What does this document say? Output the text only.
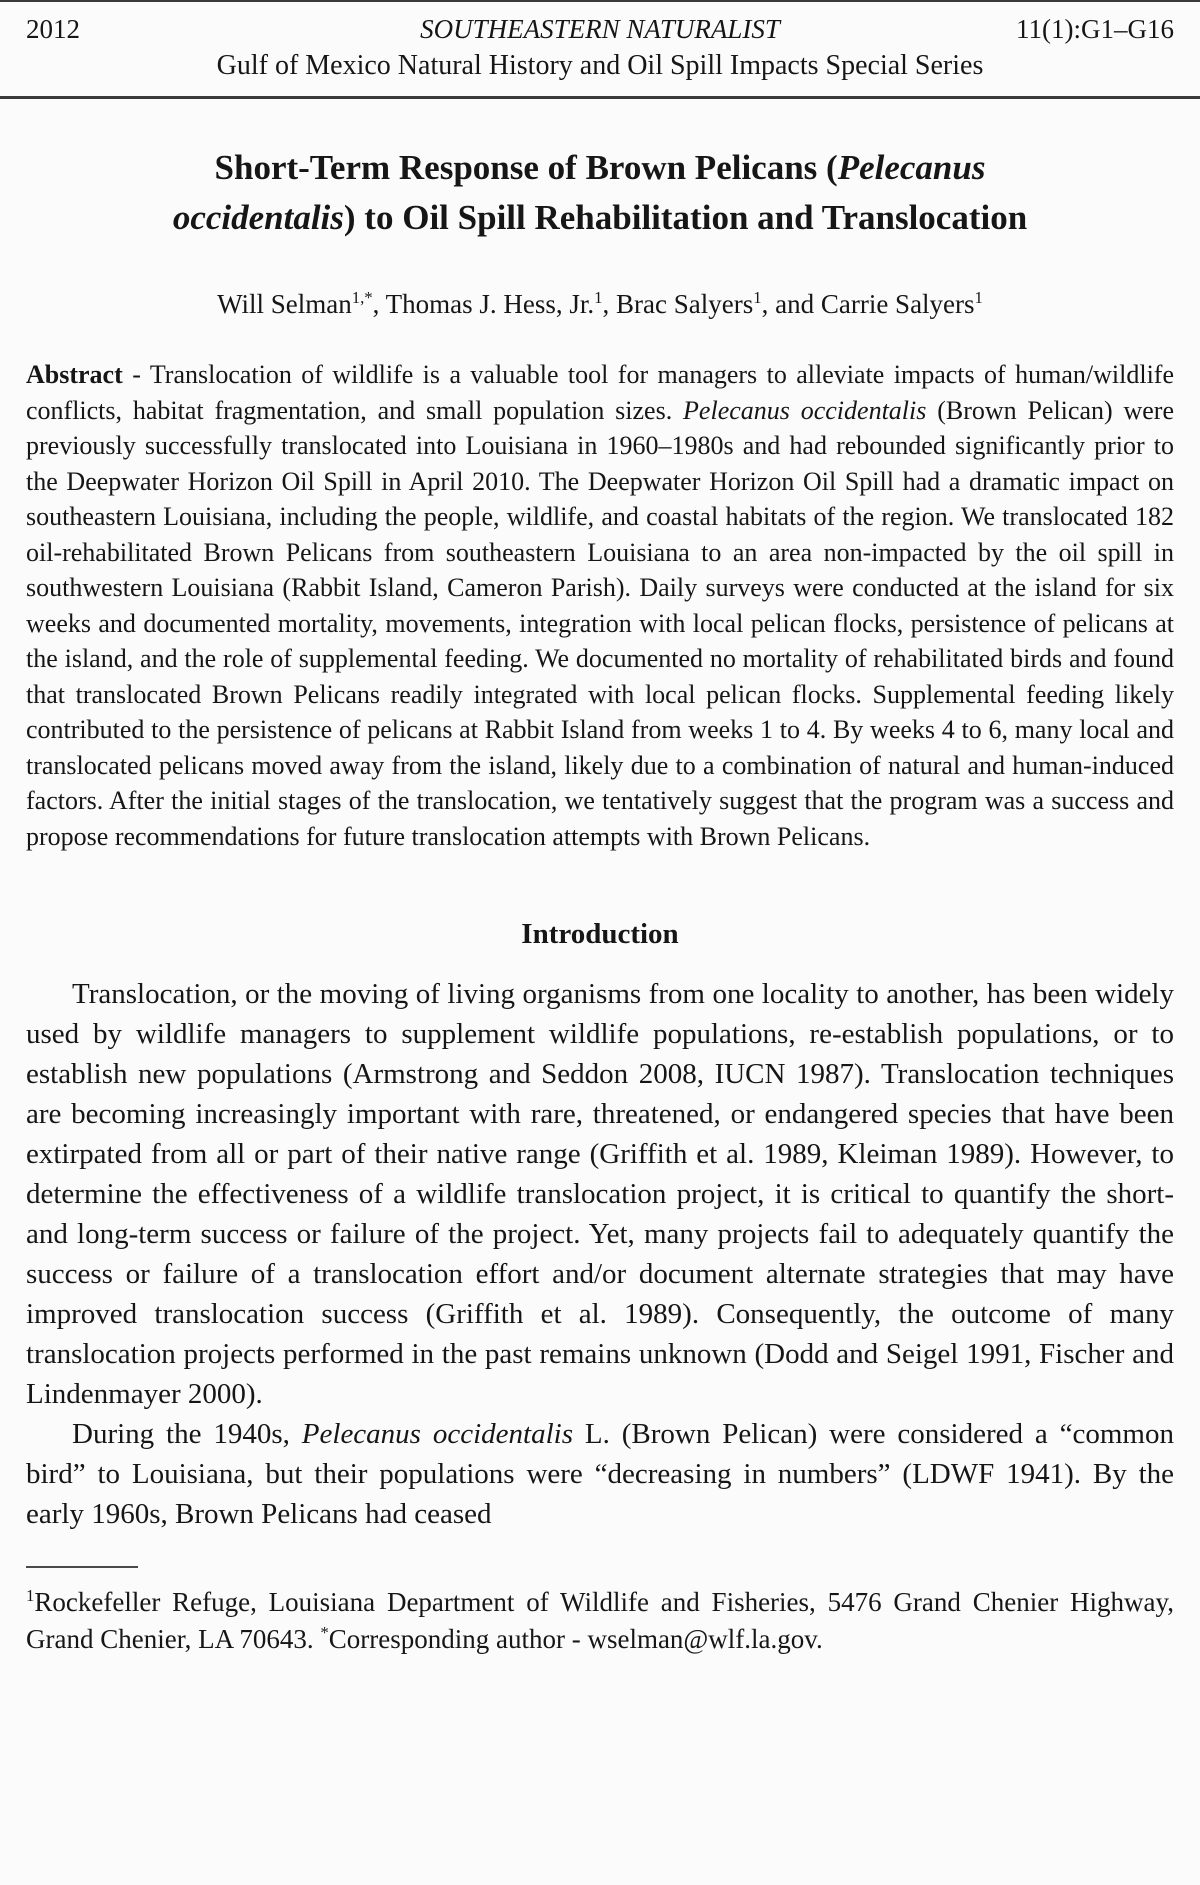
2012	SOUTHEASTERN NATURALIST	11(1):G1–G16
Gulf of Mexico Natural History and Oil Spill Impacts Special Series
Short-Term Response of Brown Pelicans (Pelecanus
occidentalis) to Oil Spill Rehabilitation and Translocation
Will Selman$^{1,*}$, Thomas J. Hess, Jr.$^1$, Brac Salyers$^1$, and Carrie Salyers$^1$

Abstract - Translocation of wildlife is a valuable tool for managers to alleviate impacts of human/wildlife conflicts, habitat fragmentation, and small population sizes. Pelecanus occidentalis (Brown Pelican) were previously successfully translocated into Louisiana in 1960–1980s and had rebounded significantly prior to the Deepwater Horizon Oil Spill in April 2010. The Deepwater Horizon Oil Spill had a dramatic impact on southeastern Louisiana, including the people, wildlife, and coastal habitats of the region. We translocated 182 oil-rehabilitated Brown Pelicans from southeastern Louisiana to an area non-impacted by the oil spill in southwestern Louisiana (Rabbit Island, Cameron Parish). Daily surveys were conducted at the island for six weeks and documented mortality, movements, integration with local pelican flocks, persistence of pelicans at the island, and the role of supplemental feeding. We documented no mortality of rehabilitated birds and found that translocated Brown Pelicans readily integrated with local pelican flocks. Supplemental feeding likely contributed to the persistence of pelicans at Rabbit Island from weeks 1 to 4. By weeks 4 to 6, many local and translocated pelicans moved away from the island, likely due to a combination of natural and human-induced factors. After the initial stages of the translocation, we tentatively suggest that the program was a success and propose recommendations for future translocation attempts with Brown Pelicans.

Introduction

Translocation, or the moving of living organisms from one locality to another, has been widely used by wildlife managers to supplement wildlife populations, re-establish populations, or to establish new populations (Armstrong and Seddon 2008, IUCN 1987). Translocation techniques are becoming increasingly important with rare, threatened, or endangered species that have been extirpated from all or part of their native range (Griffith et al. 1989, Kleiman 1989). However, to determine the effectiveness of a wildlife translocation project, it is critical to quantify the short- and long-term success or failure of the project. Yet, many projects fail to adequately quantify the success or failure of a translocation effort and/or document alternate strategies that may have improved translocation success (Griffith et al. 1989). Consequently, the outcome of many translocation projects performed in the past remains unknown (Dodd and Seigel 1991, Fischer and Lindenmayer 2000).

During the 1940s, Pelecanus occidentalis L. (Brown Pelican) were considered a “common bird” to Louisiana, but their populations were “decreasing in numbers” (LDWF 1941). By the early 1960s, Brown Pelicans had ceased

$^1$Rockefeller Refuge, Louisiana Department of Wildlife and Fisheries, 5476 Grand Chenier Highway, Grand Chenier, LA 70643. *Corresponding author - wselman@wlf.la.gov.
